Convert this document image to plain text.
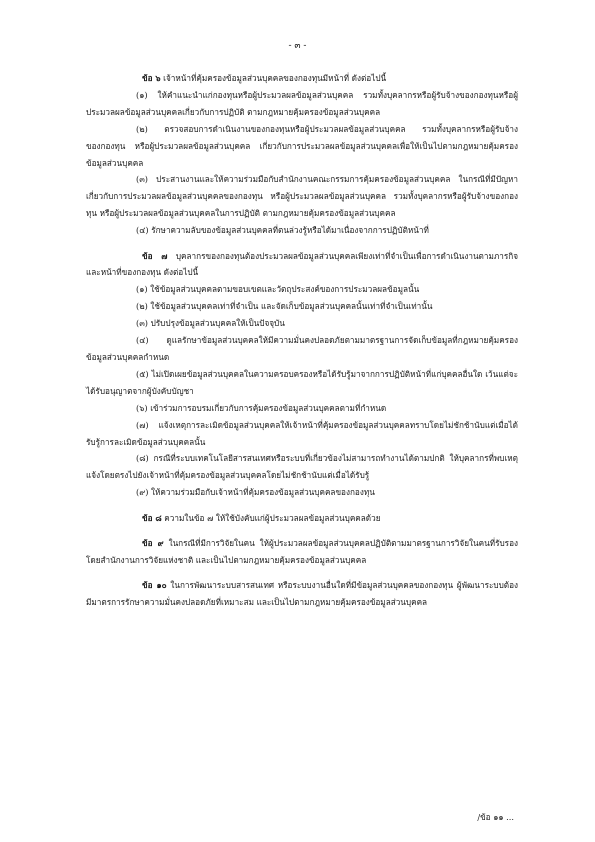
- ๓ -

ข้อ ๖ เจ้าหน้าที่คุ้มครองข้อมูลส่วนบุคคลของกองทุนมีหน้าที่ ดังต่อไปนี้

(๑) ให้คำแนะนำแก่กองทุนหรือผู้ประมวลผลข้อมูลส่วนบุคคล รวมทั้งบุคลากรหรือผู้รับจ้างของกองทุนหรือผู้ประมวลผลข้อมูลส่วนบุคคลเกี่ยวกับการปฏิบัติ ตามกฎหมายคุ้มครองข้อมูลส่วนบุคคล

(๒) ตรวจสอบการดำเนินงานของกองทุนหรือผู้ประมวลผลข้อมูลส่วนบุคคล รวมทั้งบุคลากรหรือผู้รับจ้างของกองทุน หรือผู้ประมวลผลข้อมูลส่วนบุคคล เกี่ยวกับการประมวลผลข้อมูลส่วนบุคคลเพื่อให้เป็นไปตามกฎหมายคุ้มครองข้อมูลส่วนบุคคล

(๓) ประสานงานและให้ความร่วมมือกับสำนักงานคณะกรรมการคุ้มครองข้อมูลส่วนบุคคล ในกรณีที่มีปัญหาเกี่ยวกับการประมวลผลข้อมูลส่วนบุคคลของกองทุน หรือผู้ประมวลผลข้อมูลส่วนบุคคล รวมทั้งบุคลากรหรือผู้รับจ้างของกองทุน หรือผู้ประมวลผลข้อมูลส่วนบุคคลในการปฏิบัติ ตามกฎหมายคุ้มครองข้อมูลส่วนบุคคล

(๔) รักษาความลับของข้อมูลส่วนบุคคลที่ตนล่วงรู้หรือได้มาเนื่องจากการปฏิบัติหน้าที่

ข้อ ๗ บุคลากรของกองทุนต้องประมวลผลข้อมูลส่วนบุคคลเพียงเท่าที่จำเป็นเพื่อการดำเนินงานตามภารกิจและหน้าที่ของกองทุน ดังต่อไปนี้

(๑) ใช้ข้อมูลส่วนบุคคลตามขอบเขตและวัตถุประสงค์ของการประมวลผลข้อมูลนั้น

(๒) ใช้ข้อมูลส่วนบุคคลเท่าที่จำเป็น และจัดเก็บข้อมูลส่วนบุคคลนั้นเท่าที่จำเป็นเท่านั้น

(๓) ปรับปรุงข้อมูลส่วนบุคคลให้เป็นปัจจุบัน

(๔) ดูแลรักษาข้อมูลส่วนบุคคลให้มีความมั่นคงปลอดภัยตามมาตรฐานการจัดเก็บข้อมูลที่กฎหมายคุ้มครองข้อมูลส่วนบุคคลกำหนด

(๕) ไม่เปิดเผยข้อมูลส่วนบุคคลในความครอบครองหรือได้รับรู้มาจากการปฏิบัติหน้าที่แก่บุคคลอื่นใด เว้นแต่จะได้รับอนุญาตจากผู้บังคับบัญชา

(๖) เข้าร่วมการอบรมเกี่ยวกับการคุ้มครองข้อมูลส่วนบุคคลตามที่กำหนด

(๗) แจ้งเหตุการละเมิดข้อมูลส่วนบุคคลให้เจ้าหน้าที่คุ้มครองข้อมูลส่วนบุคคลทราบโดยไม่ชักช้านับแต่เมื่อได้รับรู้การละเมิดข้อมูลส่วนบุคคลนั้น

(๘) กรณีที่ระบบเทคโนโลยีสารสนเทศหรือระบบที่เกี่ยวข้องไม่สามารถทำงานได้ตามปกติ ให้บุคลากรที่พบเหตุแจ้งโดยตรงไปยังเจ้าหน้าที่คุ้มครองข้อมูลส่วนบุคคลโดยไม่ชักช้านับแต่เมื่อได้รับรู้

(๙) ให้ความร่วมมือกับเจ้าหน้าที่คุ้มครองข้อมูลส่วนบุคคลของกองทุน

ข้อ ๘ ความในข้อ ๗ ให้ใช้บังคับแก่ผู้ประมวลผลข้อมูลส่วนบุคคลด้วย

ข้อ ๙ ในกรณีที่มีการวิจัยในคน ให้ผู้ประมวลผลข้อมูลส่วนบุคคลปฏิบัติตามมาตรฐานการวิจัยในคนที่รับรองโดยสำนักงานการวิจัยแห่งชาติ และเป็นไปตามกฎหมายคุ้มครองข้อมูลส่วนบุคคล

ข้อ ๑๐ ในการพัฒนาระบบสารสนเทศ หรือระบบงานอื่นใดที่มีข้อมูลส่วนบุคคลของกองทุน ผู้พัฒนาระบบต้องมีมาตรการรักษาความมั่นคงปลอดภัยที่เหมาะสม และเป็นไปตามกฎหมายคุ้มครองข้อมูลส่วนบุคคล

/ข้อ ๑๑ ...
